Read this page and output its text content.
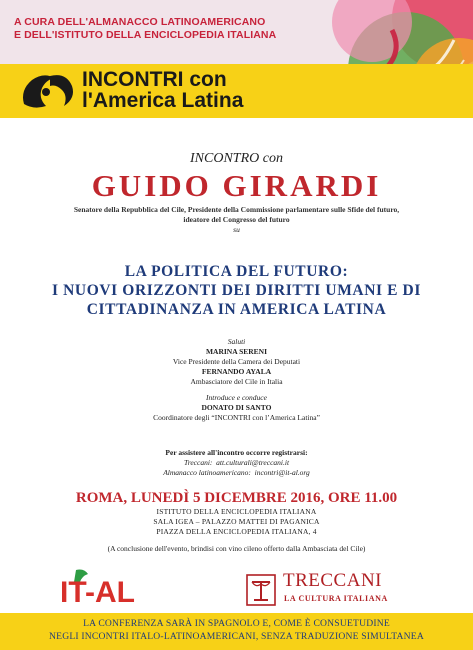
A CURA DELL'ALMANACCO LATINOAMERICANO
E DELL'ISTITUTO DELLA ENCICLOPEDIA ITALIANA
INCONTRI con
l'America Latina
INCONTRO con
GUIDO GIRARDI
Senatore della Repubblica del Cile, Presidente della Commissione parlamentare sulle Sfide del futuro,
ideatore del Congresso del futuro
su
LA POLITICA DEL FUTURO:
I NUOVI ORIZZONTI DEI DIRITTI UMANI E DI
CITTADINANZA IN AMERICA LATINA
Saluti
MARINA SERENI
Vice Presidente della Camera dei Deputati
FERNANDO AYALA
Ambasciatore del Cile in Italia
Introduce e conduce
DONATO DI SANTO
Coordinatore degli “INCONTRI con l’America Latina”
Per assistere all'incontro occorre registrarsi:
Treccani: att.culturali@treccani.it
Almanacco latinoamericano: incontri@it-al.org
ROMA, LUNEDÌ 5 DICEMBRE 2016, ORE 11.00
ISTITUTO DELLA ENCICLOPEDIA ITALIANA
SALA IGEA – PALAZZO MATTEI DI PAGANICA
PIAZZA DELLA ENCICLOPEDIA ITALIANA, 4
(A conclusione dell'evento, brindisi con vino cileno offerto dalla Ambasciata del Cile)
IT-AL	TRECCANI
LA CULTURA ITALIANA
LA CONFERENZA SARÀ IN SPAGNOLO E, COME È CONSUETUDINE
NEGLI INCONTRI ITALO-LATINOAMERICANI, SENZA TRADUZIONE SIMULTANEA
